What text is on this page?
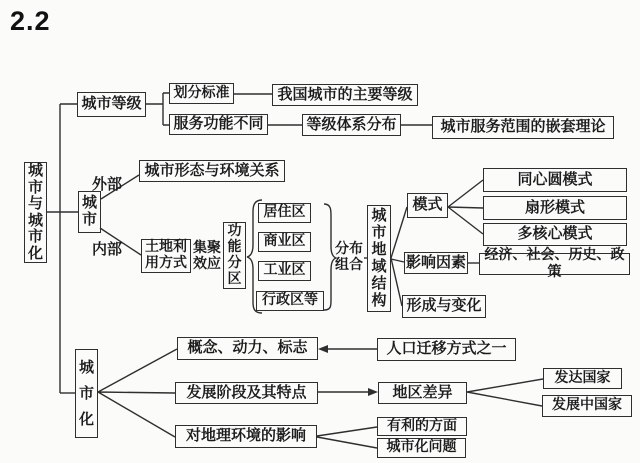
2.2
城市与城市化
城市等级
划分标准	我国城市的主要等级
服务功能不同	等级体系分布	城市服务范围的嵌套理论
城市
外部
城市形态与环境关系
内部 土地利用方式
集聚效应
功能分区
居住区
商业区
工业区
行政区等
分布组合
城市地域结构
模式
同心圆模式
扇形模式
多核心模式
影响因素	经济、社会、历史、政策
形成与变化
城市化
概念、动力、标志	人口迁移方式之一
发展阶段及其特点	地区差异
发达国家
发展中国家
对地理环境的影响
有利的方面
城市化问题
